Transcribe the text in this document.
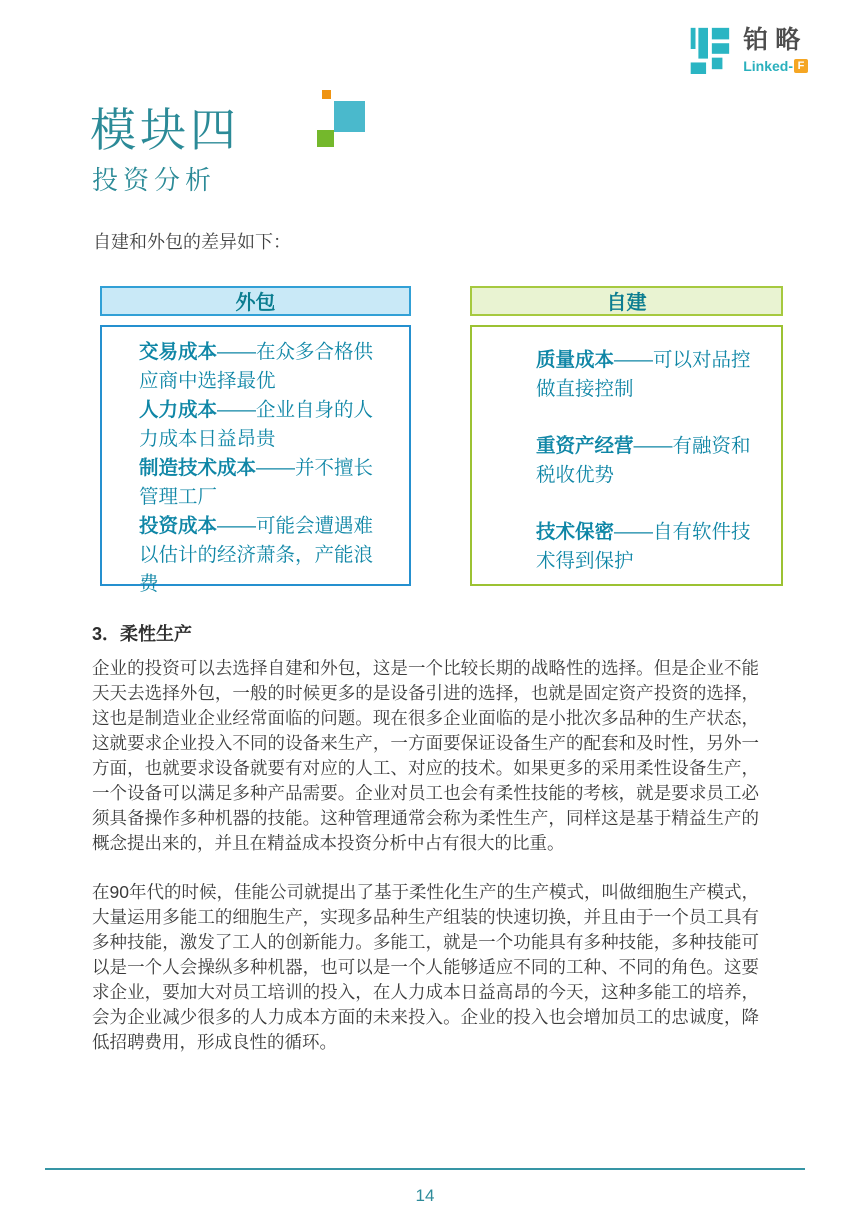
铂略
Linked- F
模块四
投资分析
自建和外包的差异如下：
外包
交易成本——在众多合格供应商中选择最优
人力成本——企业自身的人力成本日益昂贵
制造技术成本——并不擅长管理工厂
投资成本——可能会遭遇难以估计的经济萧条，产能浪费
自建
质量成本——可以对品控做直接控制
重资产经营——有融资和税收优势
技术保密——自有软件技术得到保护
3．柔性生产

企业的投资可以去选择自建和外包，这是一个比较长期的战略性的选择。但是企业不能天天去选择外包，一般的时候更多的是设备引进的选择，也就是固定资产投资的选择，这也是制造业企业经常面临的问题。现在很多企业面临的是小批次多品种的生产状态，这就要求企业投入不同的设备来生产，一方面要保证设备生产的配套和及时性，另外一方面，也就要求设备就要有对应的人工、对应的技术。如果更多的采用柔性设备生产，一个设备可以满足多种产品需要。企业对员工也会有柔性技能的考核，就是要求员工必须具备操作多种机器的技能。这种管理通常会称为柔性生产，同样这是基于精益生产的概念提出来的，并且在精益成本投资分析中占有很大的比重。

在90年代的时候，佳能公司就提出了基于柔性化生产的生产模式，叫做细胞生产模式，大量运用多能工的细胞生产，实现多品种生产组装的快速切换，并且由于一个员工具有多种技能，激发了工人的创新能力。多能工，就是一个功能具有多种技能，多种技能可以是一个人会操纵多种机器，也可以是一个人能够适应不同的工种、不同的角色。这要求企业，要加大对员工培训的投入，在人力成本日益高昂的今天，这种多能工的培养，会为企业减少很多的人力成本方面的未来投入。企业的投入也会增加员工的忠诚度，降低招聘费用，形成良性的循环。

14
